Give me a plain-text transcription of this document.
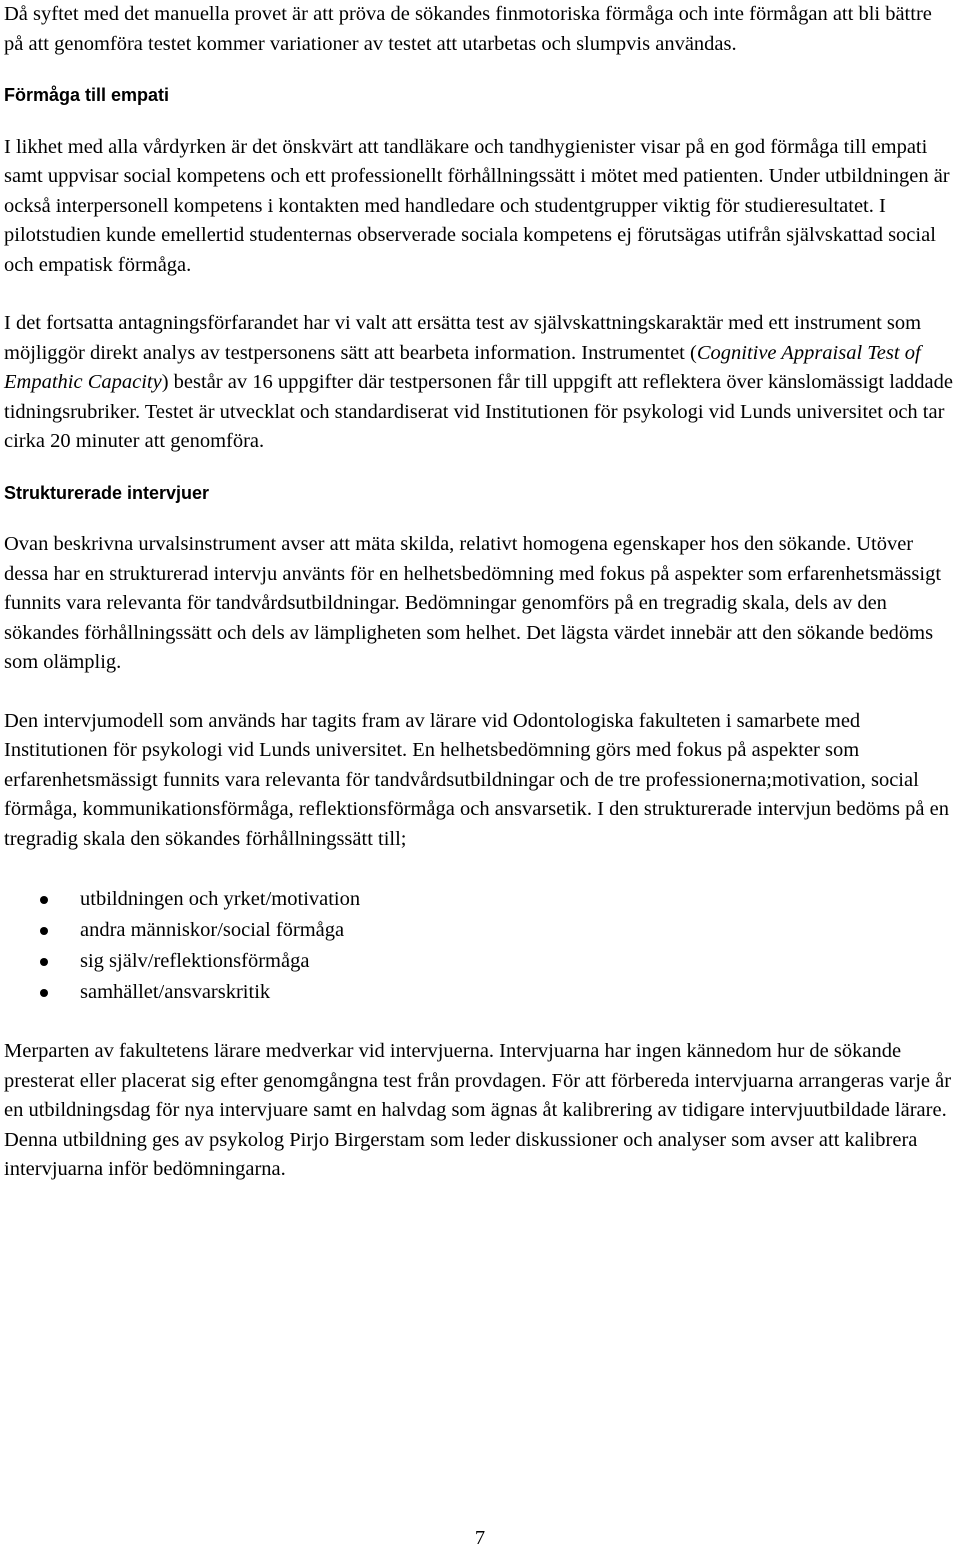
Då syftet med det manuella provet är att pröva de sökandes finmotoriska förmåga och inte förmågan att bli bättre på att genomföra testet kommer variationer av testet att utarbetas och slumpvis användas.

Förmåga till empati

I likhet med alla vårdyrken är det önskvärt att tandläkare och tandhygienister visar på en god förmåga till empati samt uppvisar social kompetens och ett professionellt förhållningssätt i mötet med patienten. Under utbildningen är också interpersonell kompetens i kontakten med handledare och studentgrupper viktig för studieresultatet. I pilotstudien kunde emellertid studenternas observerade sociala kompetens ej förutsägas utifrån självskattad social och empatisk förmåga.

I det fortsatta antagningsförfarandet har vi valt att ersätta test av självskattningskaraktär med ett instrument som möjliggör direkt analys av testpersonens sätt att bearbeta information. Instrumentet (Cognitive Appraisal Test of Empathic Capacity) består av 16 uppgifter där testpersonen får till uppgift att reflektera över känslomässigt laddade tidningsrubriker. Testet är utvecklat och standardiserat vid Institutionen för psykologi vid Lunds universitet och tar cirka 20 minuter att genomföra.

Strukturerade intervjuer

Ovan beskrivna urvalsinstrument avser att mäta skilda, relativt homogena egenskaper hos den sökande. Utöver dessa har en strukturerad intervju använts för en helhetsbedömning med fokus på aspekter som erfarenhetsmässigt funnits vara relevanta för tandvårdsutbildningar. Bedömningar genomförs på en tregradig skala, dels av den sökandes förhållningssätt och dels av lämpligheten som helhet. Det lägsta värdet innebär att den sökande bedöms som olämplig.

Den intervjumodell som används har tagits fram av lärare vid Odontologiska fakulteten i samarbete med Institutionen för psykologi vid Lunds universitet. En helhetsbedömning görs med fokus på aspekter som erfarenhetsmässigt funnits vara relevanta för tandvårdsutbildningar och de tre professionerna;motivation, social förmåga, kommunikationsförmåga, reflektionsförmåga och ansvarsetik. I den strukturerade intervjun bedöms på en tregradig skala den sökandes förhållningssätt till;

utbildningen och yrket/motivation
andra människor/social förmåga
sig själv/reflektionsförmåga
samhället/ansvarskritik

Merparten av fakultetens lärare medverkar vid intervjuerna. Intervjuarna har ingen kännedom hur de sökande presterat eller placerat sig efter genomgångna test från provdagen. För att förbereda intervjuarna arrangeras varje år en utbildningsdag för nya intervjuare samt en halvdag som ägnas åt kalibrering av tidigare intervjuutbildade lärare. Denna utbildning ges av psykolog Pirjo Birgerstam som leder diskussioner och analyser som avser att kalibrera intervjuarna inför bedömningarna.

7
